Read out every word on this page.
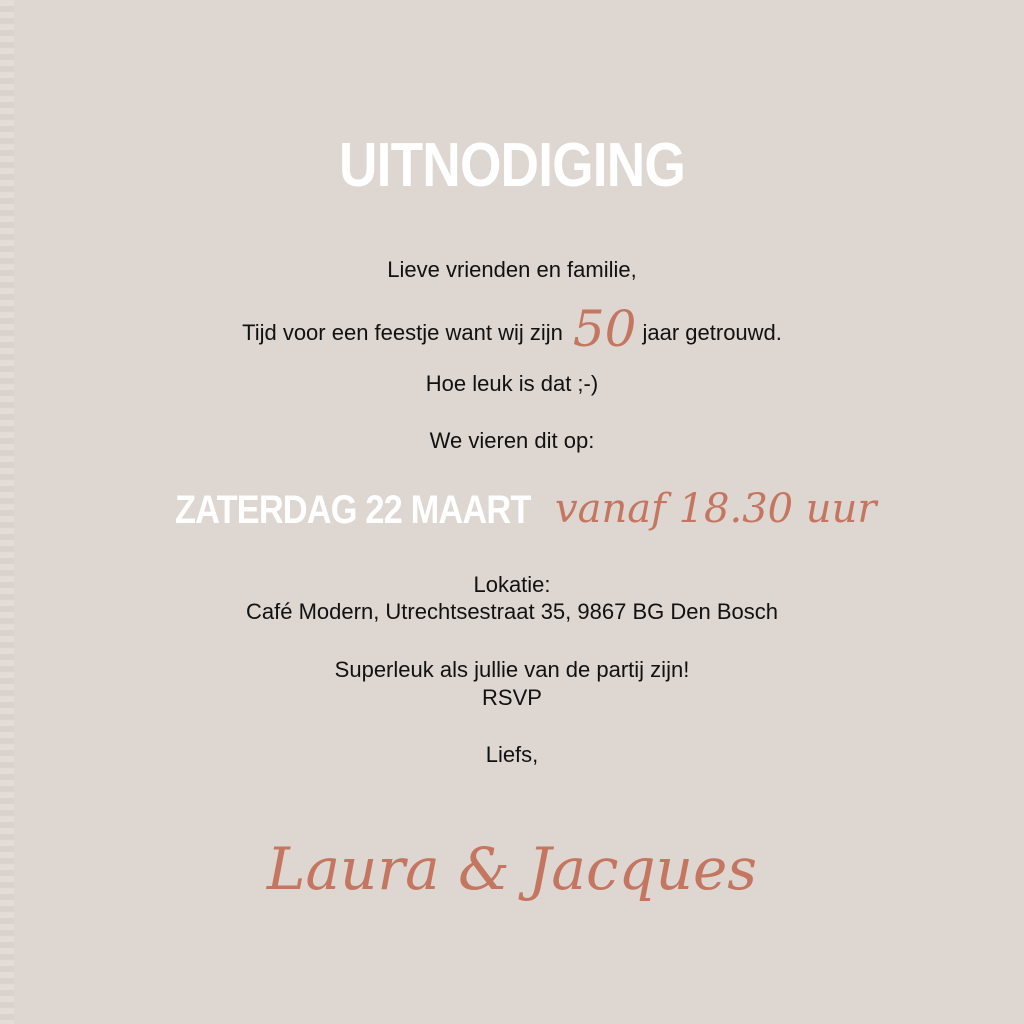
UITNODIGING
Lieve vrienden en familie,
Tijd voor een feestje want wij zijn 50 jaar getrouwd.
Hoe leuk is dat ;-)
We vieren dit op:
ZATERDAG 22 MAART vanaf 18.30 uur
Lokatie:
Café Modern, Utrechtsestraat 35, 9867 BG Den Bosch
Superleuk als jullie van de partij zijn!
RSVP
Liefs,
Laura & Jacques
